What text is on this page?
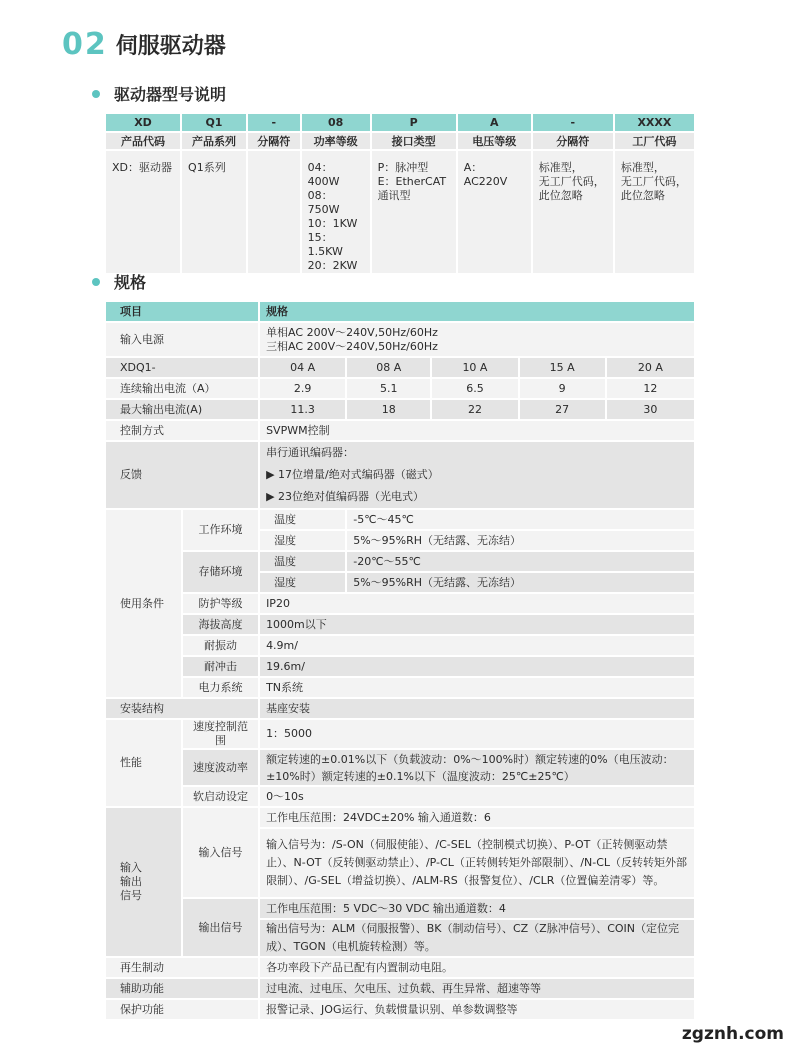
02 伺服驱动器
驱动器型号说明
XD	Q1	-	08	P	A	-	XXXX
产品代码	产品系列	分隔符	功率等级	接口类型	电压等级	分隔符	工厂代码
XD：驱动器	Q1系列		04：400W
08：750W
10：1KW
15：1.5KW
20：2KW	P：脉冲型
E：EtherCAT
通讯型	A：AC220V	标准型，
无工厂代码，
此位忽略	标准型，
无工厂代码，
此位忽略
规格
项目		规格				
输入电源		单相AC 200V～240V,50Hz/60Hz
三相AC 200V～240V,50Hz/60Hz				

XDQ1-		04 A	08 A	10 A	15 A	20 A
连续输出电流（A）		2.9	5.1	6.5	9	12
最大输出电流(A)		11.3	18	22	27	30
控制方式		SVPWM控制				
反馈		串行通讯编码器：
▶ 17位增量/绝对式编码器（磁式）
▶ 23位绝对值编码器（光电式）				

使用条件	工作环境	温度	-5℃～45℃			
		湿度	5%～95%RH（无结露、无冻结）			
	存储环境	温度	-20℃～55℃			
		湿度	5%～95%RH（无结露、无冻结）			
	防护等级	IP20				
	海拔高度	1000m以下				
	耐振动	4.9m/				
	耐冲击	19.6m/				
	电力系统	TN系统				
安装结构		基座安装				
性能	速度控制范围	1：5000				
	速度波动率	额定转速的±0.01%以下（负载波动：0%～100%时）额定转速的0%（电压波动：±10%时）额定转速的±0.1%以下（温度波动：25℃±25℃）				
	软启动设定	0～10s				
输入
输出
信号	输入信号	工作电压范围：24VDC±20% 输入通道数：6				
		输入信号为：/S-ON（伺服使能）、/C-SEL（控制模式切换）、P-OT（正转侧驱动禁止）、N-OT（反转侧驱动禁止）、/P-CL（正转侧转矩外部限制）、/N-CL（反转转矩外部限制）、/G-SEL（增益切换）、/ALM-RS（报警复位）、/CLR（位置偏差清零）等。				
	输出信号	工作电压范围：5 VDC～30 VDC 输出通道数：4				
		输出信号为：ALM（伺服报警）、BK（制动信号）、CZ（Z脉冲信号）、COIN（定位完成）、TGON（电机旋转检测）等。				
再生制动		各功率段下产品已配有内置制动电阻。				
辅助功能		过电流、过电压、欠电压、过负载、再生异常、超速等等				
保护功能		报警记录、JOG运行、负载惯量识别、单参数调整等				
zgznh.com
